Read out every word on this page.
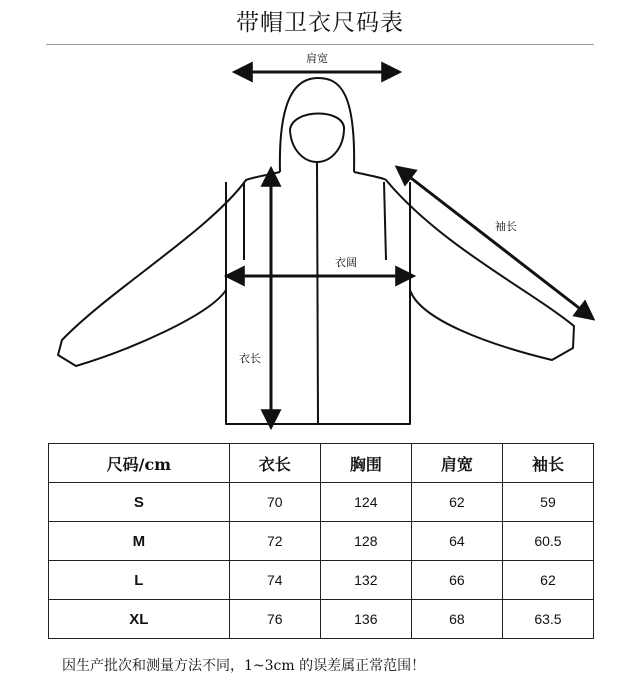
带帽卫衣尺码表
肩宽
袖长
衣阔
衣长
尺码/cm	衣长	胸围	肩宽	袖长
S	70	124	62	59
M	72	128	64	60.5
L	74	132	66	62
XL	76	136	68	63.5
因生产批次和测量方法不同，1~3cm 的误差属正常范围！
